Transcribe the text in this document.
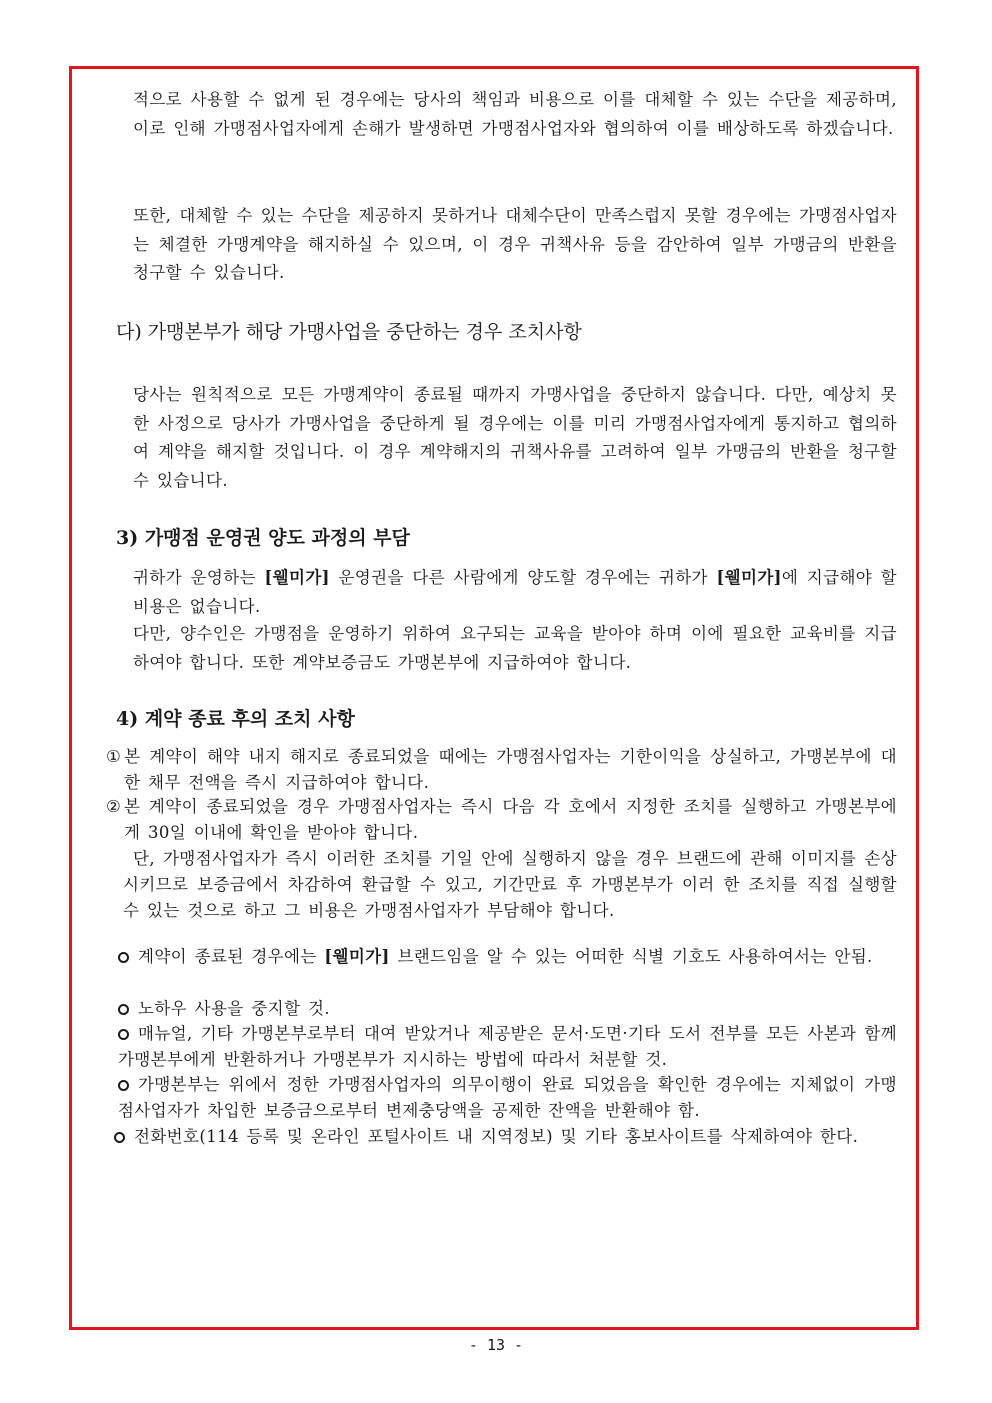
적으로 사용할 수 없게 된 경우에는 당사의 책임과 비용으로 이를 대체할 수 있는 수단을 제공하며, 이로 인해 가맹점사업자에게 손해가 발생하면 가맹점사업자와 협의하여 이를 배상하도록 하겠습니다.
또한, 대체할 수 있는 수단을 제공하지 못하거나 대체수단이 만족스럽지 못할 경우에는 가맹점사업자는 체결한 가맹계약을 해지하실 수 있으며, 이 경우 귀책사유 등을 감안하여 일부 가맹금의 반환을 청구할 수 있습니다.
다) 가맹본부가 해당 가맹사업을 중단하는 경우 조치사항
당사는 원칙적으로 모든 가맹계약이 종료될 때까지 가맹사업을 중단하지 않습니다. 다만, 예상치 못한 사정으로 당사가 가맹사업을 중단하게 될 경우에는 이를 미리 가맹점사업자에게 통지하고 협의하여 계약을 해지할 것입니다. 이 경우 계약해지의 귀책사유를 고려하여 일부 가맹금의 반환을 청구할 수 있습니다.
3) 가맹점 운영권 양도 과정의 부담
귀하가 운영하는 [웰미가] 운영권을 다른 사람에게 양도할 경우에는 귀하가 [웰미가]에 지급해야 할 비용은 없습니다.
다만, 양수인은 가맹점을 운영하기 위하여 요구되는 교육을 받아야 하며 이에 필요한 교육비를 지급하여야 합니다. 또한 계약보증금도 가맹본부에 지급하여야 합니다.
4) 계약 종료 후의 조치 사항
① 본 계약이 해약 내지 해지로 종료되었을 때에는 가맹점사업자는 기한이익을 상실하고, 가맹본부에 대한 채무 전액을 즉시 지급하여야 합니다.
② 본 계약이 종료되었을 경우 가맹점사업자는 즉시 다음 각 호에서 지정한 조치를 실행하고 가맹본부에게 30일 이내에 확인을 받아야 합니다.
단, 가맹점사업자가 즉시 이러한 조치를 기일 안에 실행하지 않을 경우 브랜드에 관해 이미지를 손상시키므로 보증금에서 차감하여 환급할 수 있고, 기간만료 후 가맹본부가 이러 한 조치를 직접 실행할 수 있는 것으로 하고 그 비용은 가맹점사업자가 부담해야 합니다.
계약이 종료된 경우에는 [웰미가] 브랜드임을 알 수 있는 어떠한 식별 기호도 사용하여서는 안됨.
노하우 사용을 중지할 것.
매뉴얼, 기타 가맹본부로부터 대여 받았거나 제공받은 문서·도면·기타 도서 전부를 모든 사본과 함께 가맹본부에게 반환하거나 가맹본부가 지시하는 방법에 따라서 처분할 것.
가맹본부는 위에서 정한 가맹점사업자의 의무이행이 완료 되었음을 확인한 경우에는 지체없이 가맹점사업자가 차입한 보증금으로부터 변제충당액을 공제한 잔액을 반환해야 함.
전화번호(114 등록 및 온라인 포털사이트 내 지역정보) 및 기타 홍보사이트를 삭제하여야 한다.
- 13 -
